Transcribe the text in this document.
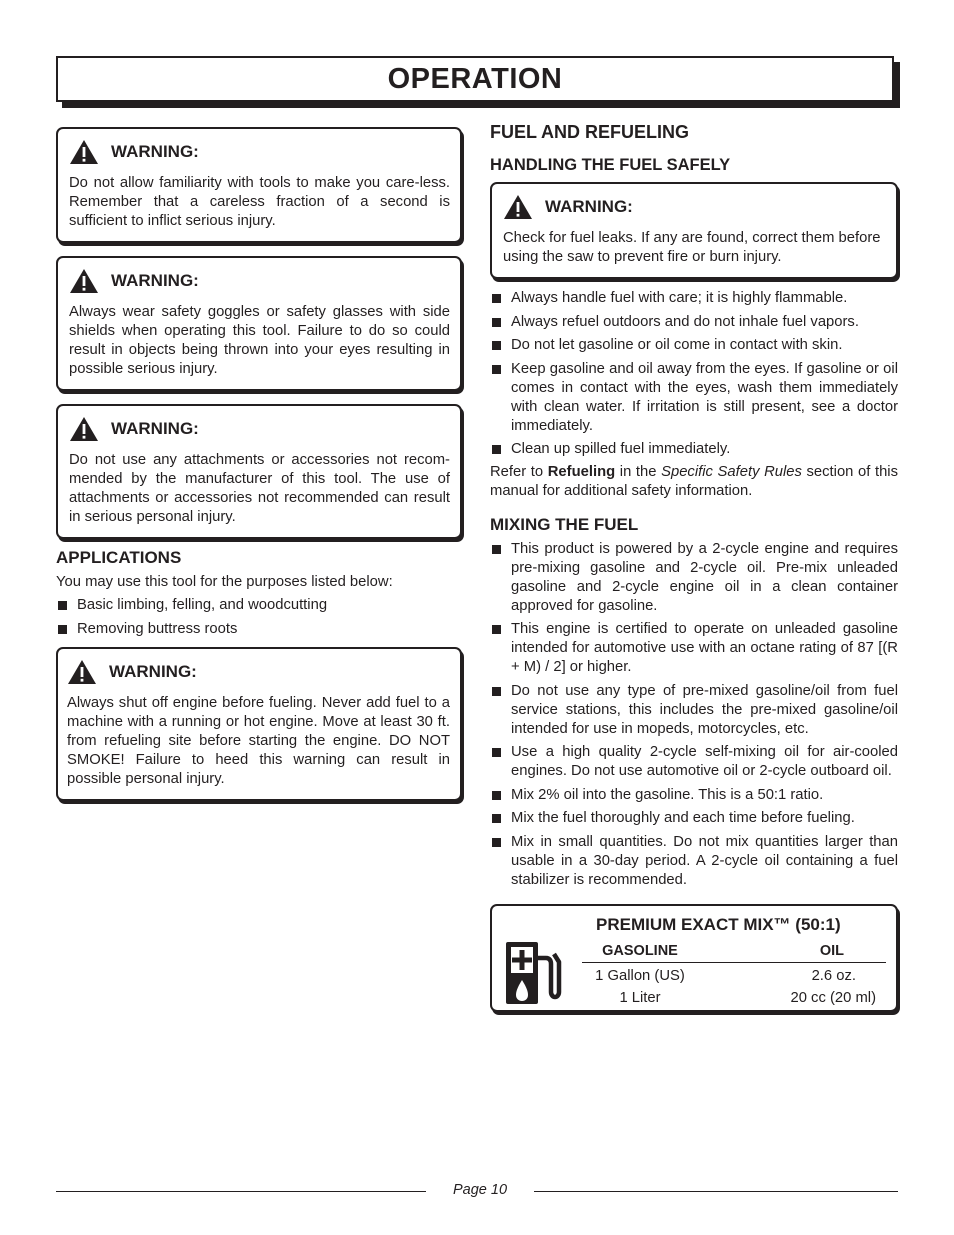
OPERATION
WARNING:
Do not allow familiarity with tools to make you care-less. Remember that a careless fraction of a second is sufficient to inflict serious injury.
WARNING:
Always wear safety goggles or safety glasses with side shields when operating this tool. Failure to do so could result in objects being thrown into your eyes resulting in possible serious injury.
WARNING:
Do not use any attachments or accessories not recom-mended by the manufacturer of this tool. The use of attachments or accessories not recommended can result in serious personal injury.
APPLICATIONS

You may use this tool for the purposes listed below:

Basic limbing, felling, and woodcutting
Removing buttress roots
WARNING:
Always shut off engine before fueling. Never add fuel to a machine with a running or hot engine. Move at least 30 ft. from refueling site before starting the engine. DO NOT SMOKE! Failure to heed this warning can result in possible personal injury.
FUEL AND REFUELING
HANDLING THE FUEL SAFELY
WARNING:
Check for fuel leaks. If any are found, correct them before using the saw to prevent fire or burn injury.
Always handle fuel with care; it is highly flammable.
Always refuel outdoors and do not inhale fuel vapors.
Do not let gasoline or oil come in contact with skin.
Keep gasoline and oil away from the eyes. If gasoline or oil comes in contact with the eyes, wash them immediately with clean water. If irritation is still present, see a doctor immediately.
Clean up spilled fuel immediately.

Refer to Refueling in the Specific Safety Rules section of this manual for additional safety information.

MIXING THE FUEL
This product is powered by a 2-cycle engine and requires pre-mixing gasoline and 2-cycle oil. Pre-mix unleaded gasoline and 2-cycle engine oil in a clean container approved for gasoline.
This engine is certified to operate on unleaded gasoline intended for automotive use with an octane rating of 87 [(R + M) / 2] or higher.
Do not use any type of pre-mixed gasoline/oil from fuel service stations, this includes the pre-mixed gasoline/oil intended for use in mopeds, motorcycles, etc.
Use a high quality 2-cycle self-mixing oil for air-cooled engines. Do not use automotive oil or 2-cycle outboard oil.
Mix 2% oil into the gasoline. This is a 50:1 ratio.
Mix the fuel thoroughly and each time before fueling.
Mix in small quantities. Do not mix quantities larger than usable in a 30-day period. A 2-cycle oil containing a fuel stabilizer is recommended.
PREMIUM EXACT MIX™ (50:1)
GASOLINE	OIL
1 Gallon (US)	2.6 oz.
1 Liter	20 cc (20 ml)
Page 10
